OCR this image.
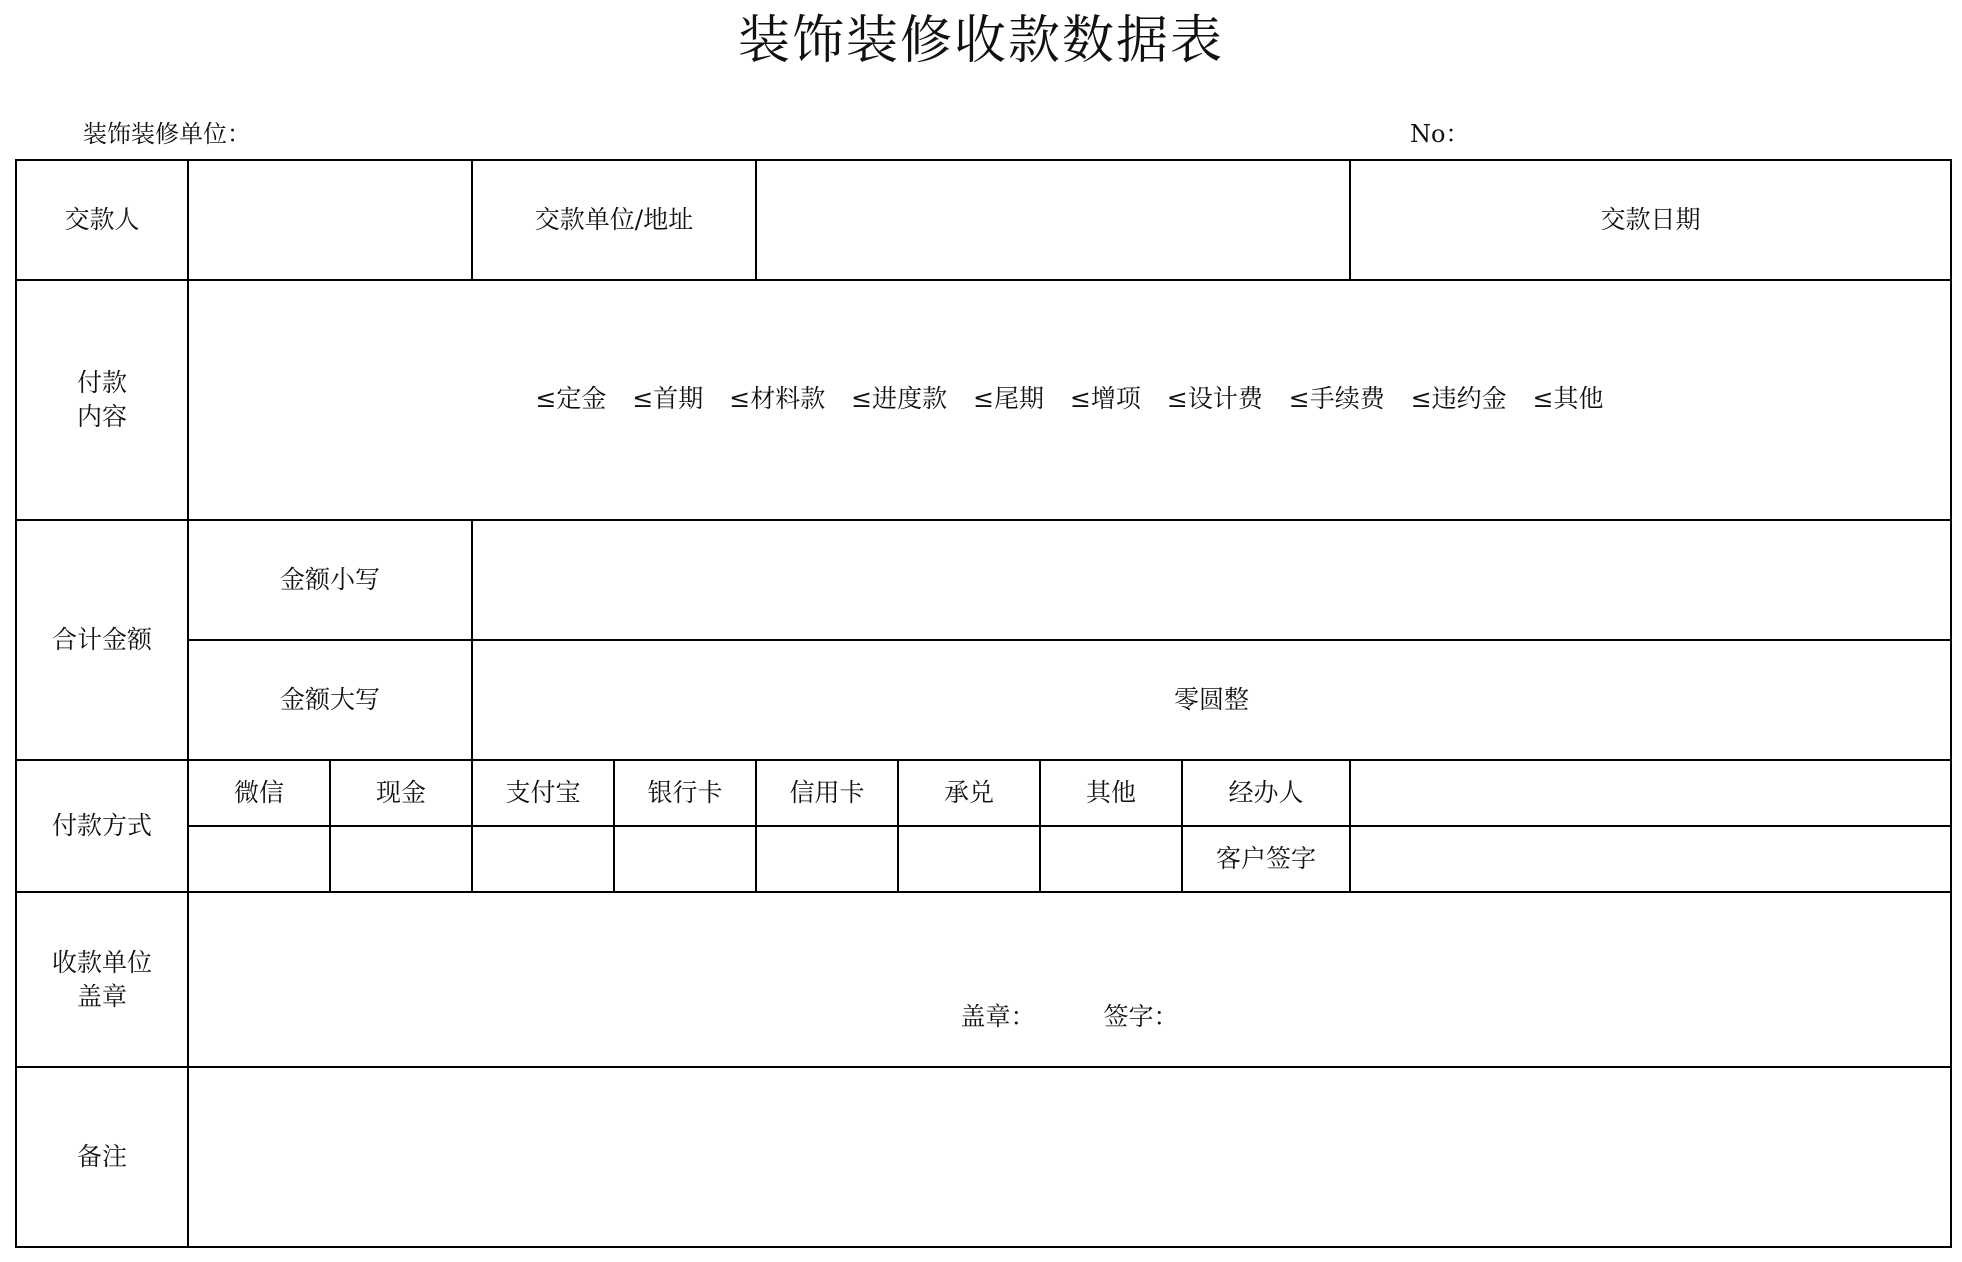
装饰装修收款数据表
装饰装修单位：	No：
交款人			交款单位/地址						交款日期	

付款
内容	≤定金 ≤首期 ≤材料款 ≤进度款 ≤尾期 ≤增项 ≤设计费 ≤手续费 ≤违约金 ≤其他									

合计金额	金额小写									
	金额大写		零圆整							
付款方式	微信	现金	支付宝	银行卡	信用卡	承兑	其他	经办人		
								客户签字		

收款单位
盖章	盖章： 签字：									

备注										
